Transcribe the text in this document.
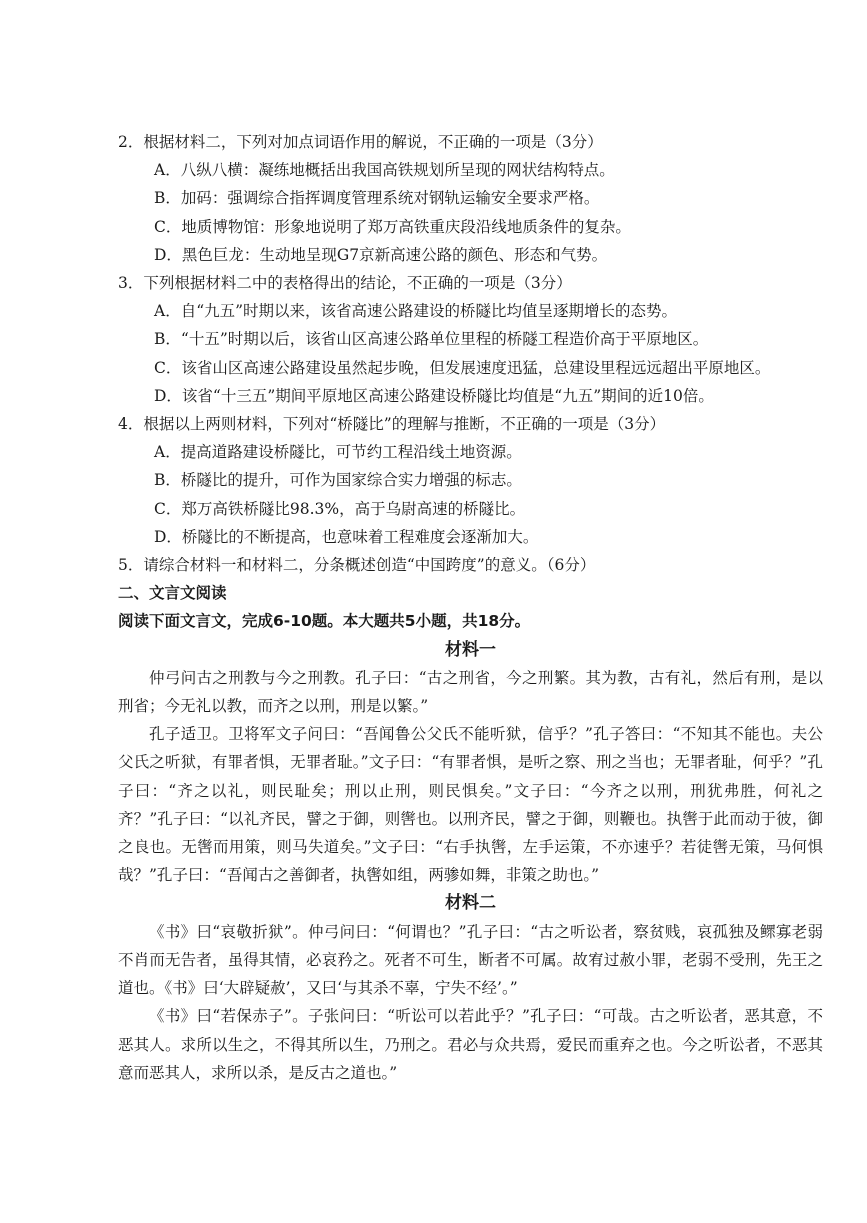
2．根据材料二，下列对加点词语作用的解说，不正确的一项是（3分）
A．八纵八横：凝练地概括出我国高铁规划所呈现的网状结构特点。
B．加码：强调综合指挥调度管理系统对钢轨运输安全要求严格。
C．地质博物馆：形象地说明了郑万高铁重庆段沿线地质条件的复杂。
D．黑色巨龙：生动地呈现G7京新高速公路的颜色、形态和气势。
3．下列根据材料二中的表格得出的结论，不正确的一项是（3分）
A．自“九五”时期以来，该省高速公路建设的桥隧比均值呈逐期增长的态势。
B．“十五”时期以后，该省山区高速公路单位里程的桥隧工程造价高于平原地区。
C．该省山区高速公路建设虽然起步晚，但发展速度迅猛，总建设里程远远超出平原地区。
D．该省“十三五”期间平原地区高速公路建设桥隧比均值是“九五”期间的近10倍。
4．根据以上两则材料，下列对“桥隧比”的理解与推断，不正确的一项是（3分）
A．提高道路建设桥隧比，可节约工程沿线土地资源。
B．桥隧比的提升，可作为国家综合实力增强的标志。
C．郑万高铁桥隧比98.3%，高于乌尉高速的桥隧比。
D．桥隧比的不断提高，也意味着工程难度会逐渐加大。
5．请综合材料一和材料二，分条概述创造“中国跨度”的意义。（6分）
二、文言文阅读
阅读下面文言文，完成6-10题。本大题共5小题，共18分。
材料一

仲弓问古之刑教与今之刑教。孔子曰：“古之刑省，今之刑繁。其为教，古有礼，然后有刑，是以刑省；今无礼以教，而齐之以刑，刑是以繁。”

孔子适卫。卫将军文子问曰：“吾闻鲁公父氏不能听狱，信乎？”孔子答曰：“不知其不能也。夫公父氏之听狱，有罪者惧，无罪者耻。”文子曰：“有罪者惧，是听之察、刑之当也；无罪者耻，何乎？”孔子曰：“齐之以礼，则民耻矣；刑以止刑，则民惧矣。”文子曰：“今齐之以刑，刑犹弗胜，何礼之齐？”孔子曰：“以礼齐民，譬之于御，则辔也。以刑齐民，譬之于御，则鞭也。执辔于此而动于彼，御之良也。无辔而用策，则马失道矣。”文子曰：“右手执辔，左手运策，不亦速乎？若徒辔无策，马何惧哉？”孔子曰：“吾闻古之善御者，执辔如组，两骖如舞，非策之助也。”

材料二

《书》曰“哀敬折狱”。仲弓问曰：“何谓也？”孔子曰：“古之听讼者，察贫贱，哀孤独及鳏寡老弱不肖而无告者，虽得其情，必哀矜之。死者不可生，断者不可属。故宥过赦小罪，老弱不受刑，先王之道也。《书》曰‘大辟疑赦’，又曰‘与其杀不辜，宁失不经’。”

《书》曰“若保赤子”。子张问曰：“听讼可以若此乎？”孔子曰：“可哉。古之听讼者，恶其意，不恶其人。求所以生之，不得其所以生，乃刑之。君必与众共焉，爱民而重弃之也。今之听讼者，不恶其意而恶其人，求所以杀，是反古之道也。”
